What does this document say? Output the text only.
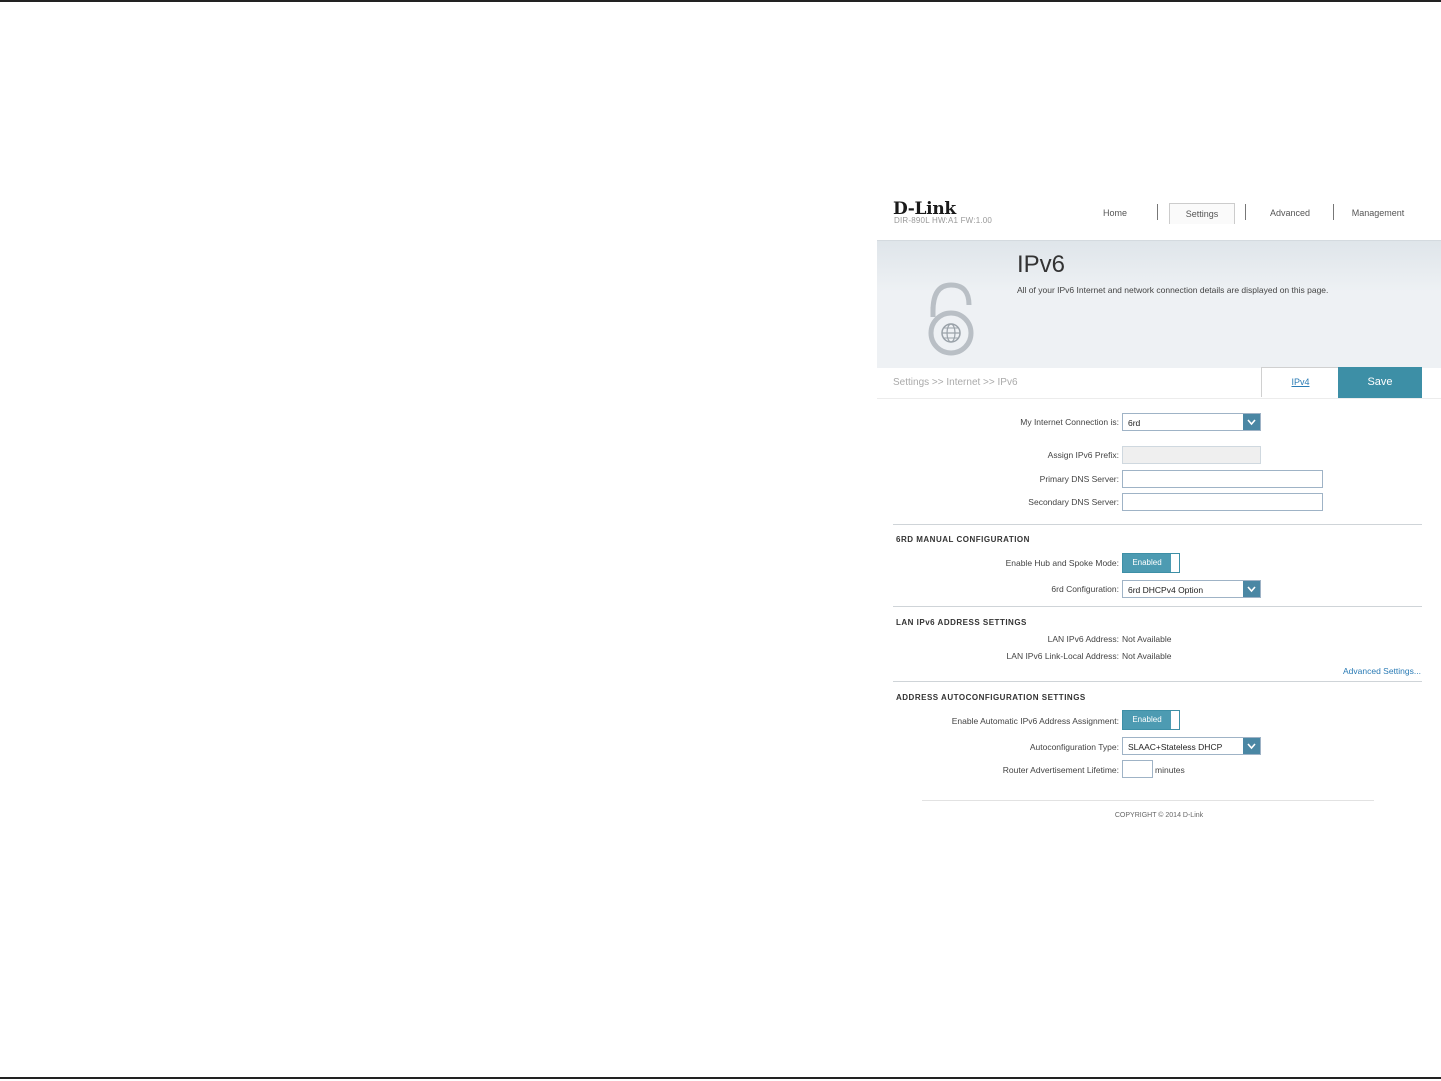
D-Link
DIR-890L HW:A1 FW:1.00
Home	Settings	Advanced	Management
IPv6
All of your IPv6 Internet and network connection details are displayed on this page.
Settings >> Internet >> IPv6	IPv4	Save
My Internet Connection is:	6rd
Assign IPv6 Prefix:
Primary DNS Server:
Secondary DNS Server:
6RD MANUAL CONFIGURATION
Enable Hub and Spoke Mode:	Enabled
6rd Configuration:	6rd DHCPv4 Option
LAN IPv6 ADDRESS SETTINGS
LAN IPv6 Address: Not Available
LAN IPv6 Link-Local Address: Not Available
Advanced Settings...
ADDRESS AUTOCONFIGURATION SETTINGS
Enable Automatic IPv6 Address Assignment:	Enabled
Autoconfiguration Type:	SLAAC+Stateless DHCP
Router Advertisement Lifetime:	minutes
COPYRIGHT © 2014 D-Link
